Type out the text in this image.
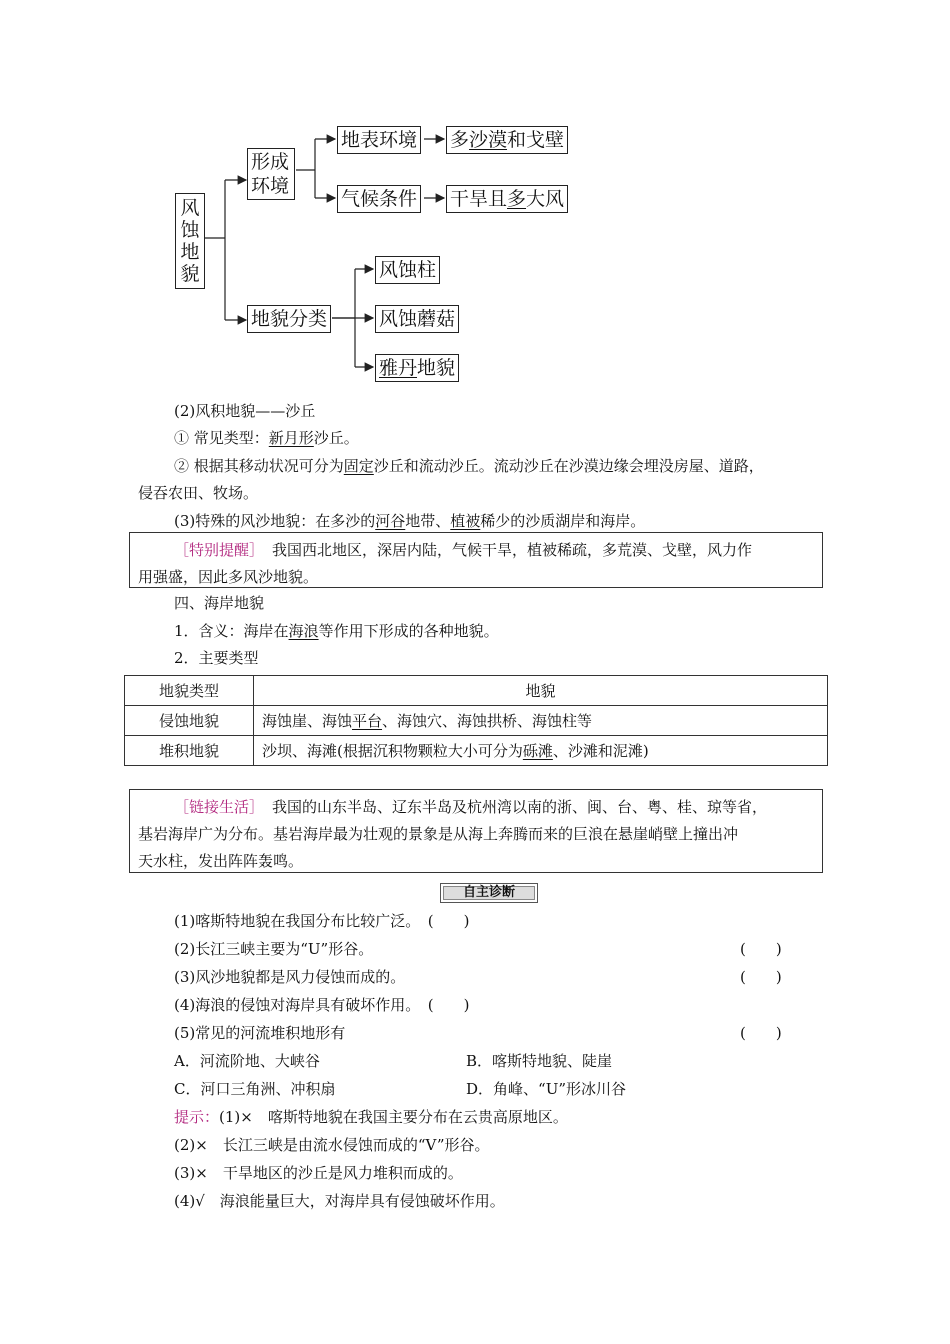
风蚀地貌
形成环境
地表环境 多沙漠和戈壁
气候条件 干旱且多大风
地貌分类
风蚀柱
风蚀蘑菇
雅丹地貌
(2)风积地貌——沙丘
① 常见类型：新月形沙丘。
② 根据其移动状况可分为固定沙丘和流动沙丘。流动沙丘在沙漠边缘会埋没房屋、道路，
侵吞农田、牧场。
(3)特殊的风沙地貌：在多沙的河谷地带、植被稀少的沙质湖岸和海岸。
［特别提醒］ 我国西北地区，深居内陆，气候干旱，植被稀疏，多荒漠、戈壁，风力作
用强盛，因此多风沙地貌。
四、海岸地貌
1．含义：海岸在海浪等作用下形成的各种地貌。
2．主要类型
地貌类型	地貌
侵蚀地貌	海蚀崖、海蚀平台、海蚀穴、海蚀拱桥、海蚀柱等
堆积地貌	沙坝、海滩(根据沉积物颗粒大小可分为砾滩、沙滩和泥滩)
［链接生活］ 我国的山东半岛、辽东半岛及杭州湾以南的浙、闽、台、粤、桂、琼等省，
基岩海岸广为分布。基岩海岸最为壮观的景象是从海上奔腾而来的巨浪在悬崖峭壁上撞出冲
天水柱，发出阵阵轰鸣。
自主诊断
(1)喀斯特地貌在我国分布比较广泛。　(　　)
(2)长江三峡主要为“U”形谷。	(　　)
(3)风沙地貌都是风力侵蚀而成的。	(　　)
(4)海浪的侵蚀对海岸具有破坏作用。　(　　)
(5)常见的河流堆积地形有	(　　)
A．河流阶地、大峡谷	B．喀斯特地貌、陡崖
C．河口三角洲、冲积扇	D．角峰、“U”形冰川谷
提示：(1)×　喀斯特地貌在我国主要分布在云贵高原地区。
(2)×　长江三峡是由流水侵蚀而成的“V”形谷。
(3)×　干旱地区的沙丘是风力堆积而成的。
(4)√　海浪能量巨大，对海岸具有侵蚀破坏作用。
